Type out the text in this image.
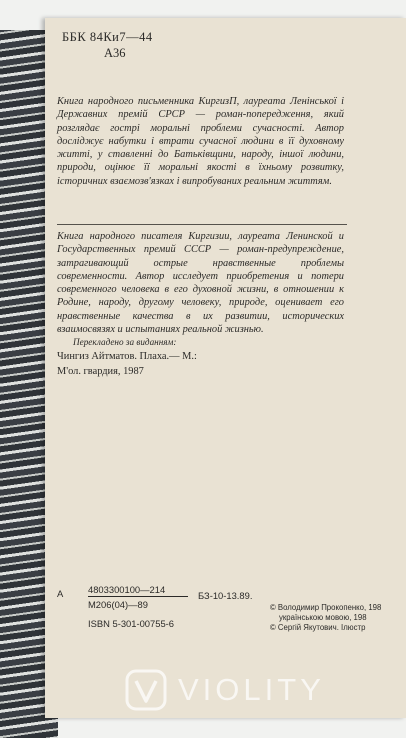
ББК 84Ки7—44
А36
Книга народного письменника КиргизП, лауреата Ленінської і Державних премій СРСР — роман-попередження, який розглядає гострі моральні проблеми сучасності. Автор досліджує набутки і втрати сучасної людини в її духовному житті, у ставленні до Батьківщини, народу, іншої людини, природи, оцінює її моральні якості в їхньому розвитку, історичних взаємозв'язках і випробуваних реальним життям.
Книга народного писателя Киргизии, лауреата Ленинской и Государственных премий СССР — роман-предупреждение, затрагивающий острые нравственные проблемы современности. Автор исследует приобретения и потери современного человека в его духовной жизни, в отношении к Родине, народу, другому человеку, природе, оценивает его нравственные качества в их развитии, исторических взаимосвязях и испытаниях реальной жизнью.
Перекладено за виданням:
Чингиз Айтматов. Плаха.— М.:
М'ол. гвардия, 1987
А	4803300100—214
М206(04)—89
БЗ-10-13.89.
ISBN 5-301-00755-6
© Володимир Прокопенко, 198
українською мовою, 198
© Сергій Якутович. Ілюстр
VIOLITY
